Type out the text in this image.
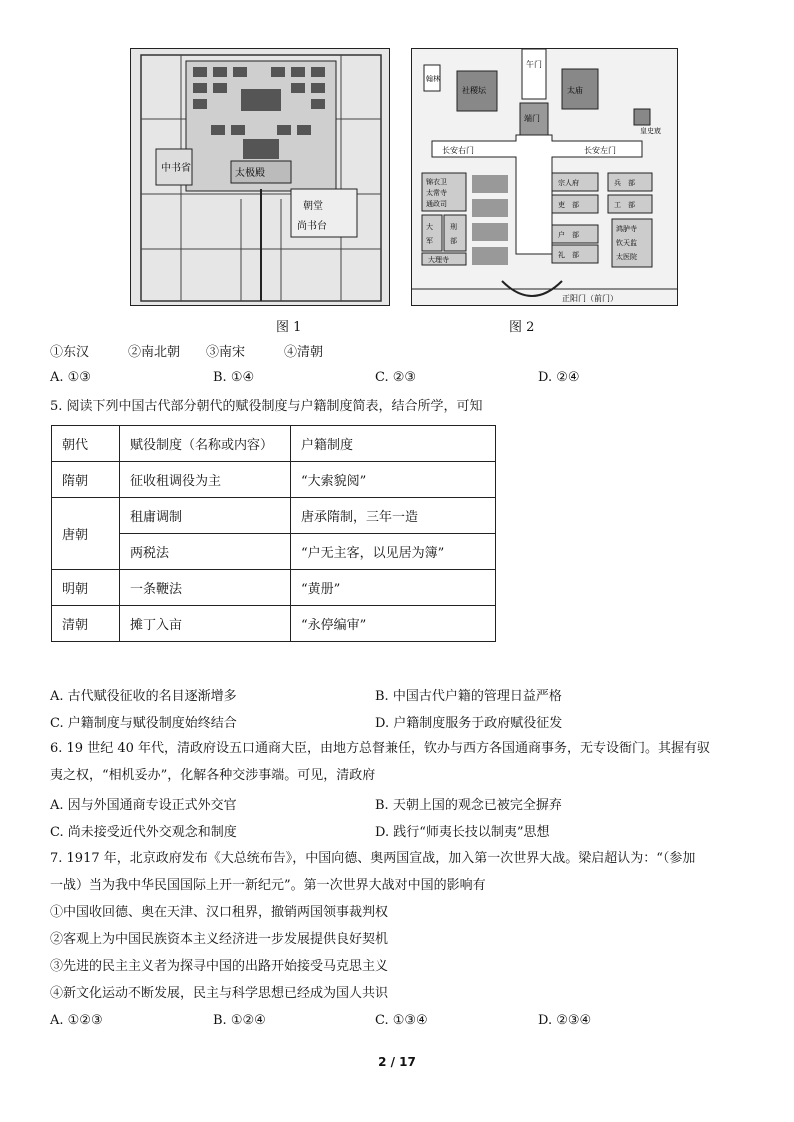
中书省	太极殿
朝堂
尚书台
图 1
午门
端门
社稷坛	太庙
翰林
皇史宬
长安右门	长安左门
锦衣卫
太常寺
通政司
大
军
刑
部
大理寺
宗人府	兵　部
吏　部	工　部
户　部
礼　部
鸿胪寺
钦天监
太医院
正阳门（前门）
图 2
①东汉　　　②南北朝　　③南宋　　　④清朝
A. ①③	B. ①④	C. ②③	D. ②④
5. 阅读下列中国古代部分朝代的赋役制度与户籍制度简表，结合所学，可知
朝代	赋役制度（名称或内容）	户籍制度
隋朝	征收租调役为主	“大索貌阅”
唐朝	租庸调制	唐承隋制，三年一造
	两税法	“户无主客，以见居为簿”
明朝	一条鞭法	“黄册”
清朝	摊丁入亩	“永停编审”
A. 古代赋役征收的名目逐渐增多	B. 中国古代户籍的管理日益严格
C. 户籍制度与赋役制度始终结合	D. 户籍制度服务于政府赋役征发
6. 19 世纪 40 年代，清政府设五口通商大臣，由地方总督兼任，钦办与西方各国通商事务，无专设衙门。其握有驭
夷之权，“相机妥办”，化解各种交涉事端。可见，清政府
A. 因与外国通商专设正式外交官	B. 天朝上国的观念已被完全摒弃
C. 尚未接受近代外交观念和制度	D. 践行“师夷长技以制夷”思想
7. 1917 年，北京政府发布《大总统布告》，中国向德、奥两国宣战，加入第一次世界大战。梁启超认为：“（参加
一战）当为我中华民国国际上开一新纪元”。第一次世界大战对中国的影响有
①中国收回德、奥在天津、汉口租界，撤销两国领事裁判权
②客观上为中国民族资本主义经济进一步发展提供良好契机
③先进的民主主义者为探寻中国的出路开始接受马克思主义
④新文化运动不断发展，民主与科学思想已经成为国人共识
A. ①②③	B. ①②④	C. ①③④	D. ②③④
2 / 17
